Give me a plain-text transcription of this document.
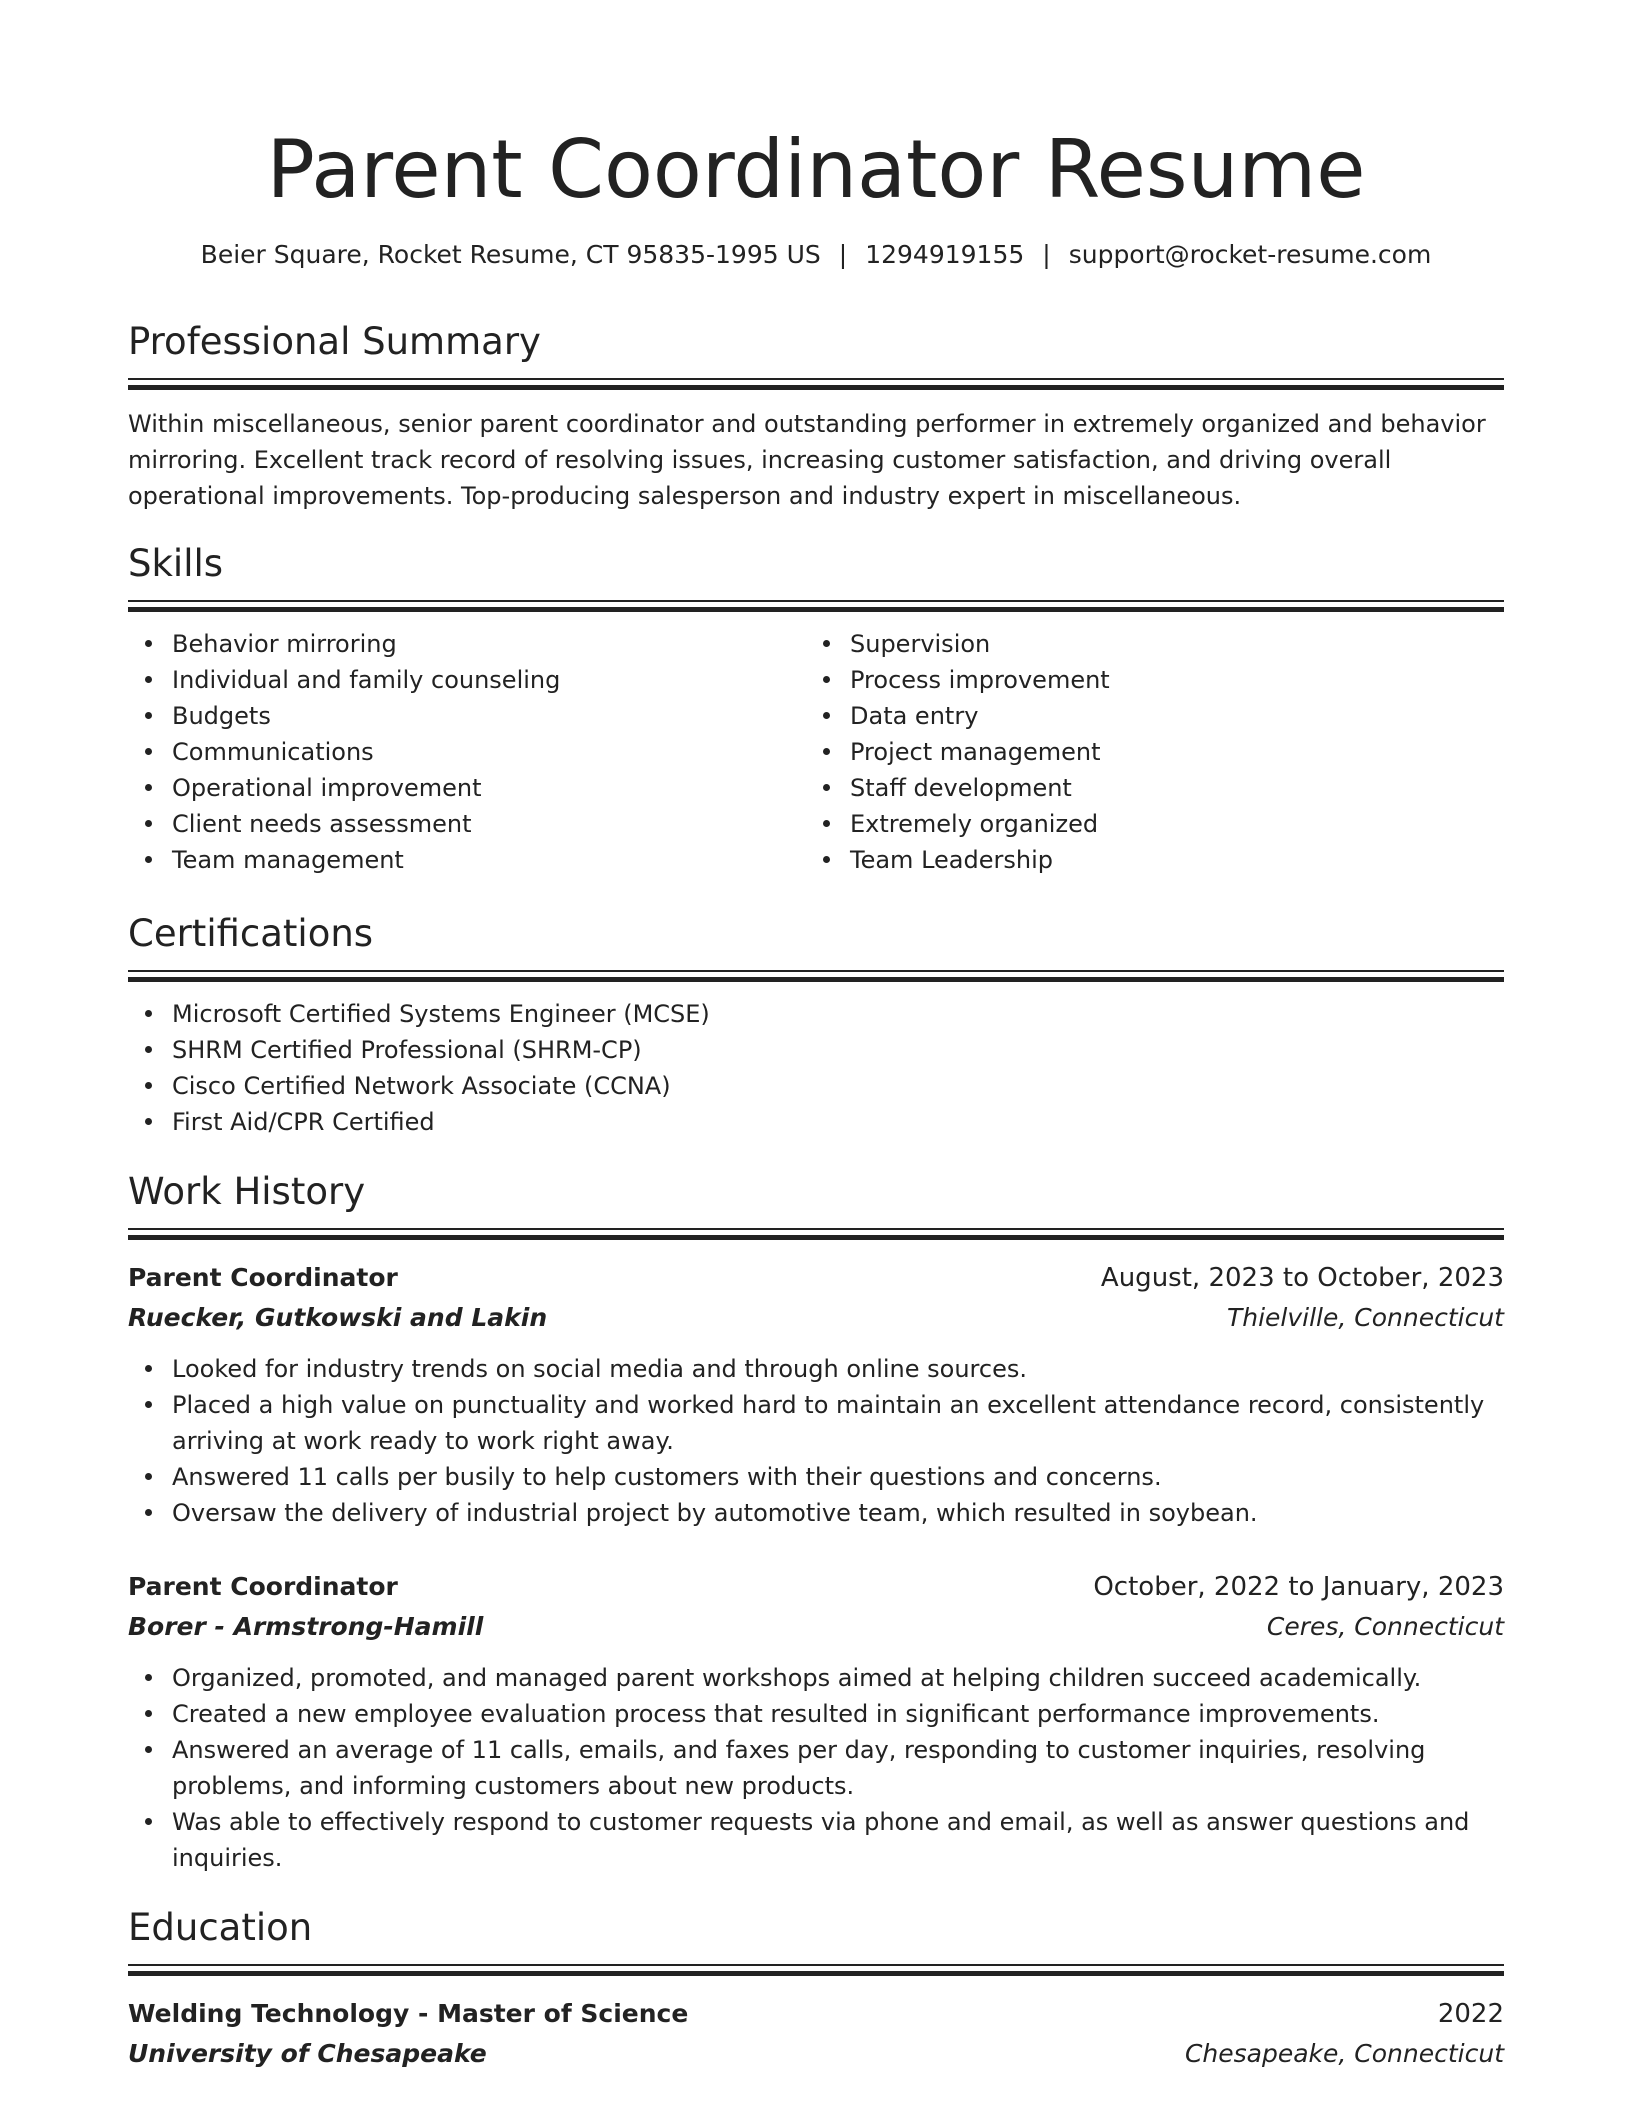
Parent Coordinator Resume
Beier Square, Rocket Resume, CT 95835-1995 US | 1294919155 | support@rocket-resume.com
Professional Summary

Within miscellaneous, senior parent coordinator and outstanding performer in extremely organized and behavior mirroring. Excellent track record of resolving issues, increasing customer satisfaction, and driving overall operational improvements. Top-producing salesperson and industry expert in miscellaneous.

Skills
Behavior mirroring
Individual and family counseling
Budgets
Communications
Operational improvement
Client needs assessment
Team management
Supervision
Process improvement
Data entry
Project management
Staff development
Extremely organized
Team Leadership
Certifications
Microsoft Certified Systems Engineer (MCSE)
SHRM Certified Professional (SHRM-CP)
Cisco Certified Network Associate (CCNA)
First Aid/CPR Certified
Work History
Parent Coordinator	August, 2023 to October, 2023
Ruecker, Gutkowski and Lakin	Thielville, Connecticut
Looked for industry trends on social media and through online sources.
Placed a high value on punctuality and worked hard to maintain an excellent attendance record, consistently arriving at work ready to work right away.
Answered 11 calls per busily to help customers with their questions and concerns.
Oversaw the delivery of industrial project by automotive team, which resulted in soybean.
Parent Coordinator	October, 2022 to January, 2023
Borer - Armstrong-Hamill	Ceres, Connecticut
Organized, promoted, and managed parent workshops aimed at helping children succeed academically.
Created a new employee evaluation process that resulted in significant performance improvements.
Answered an average of 11 calls, emails, and faxes per day, responding to customer inquiries, resolving problems, and informing customers about new products.
Was able to effectively respond to customer requests via phone and email, as well as answer questions and inquiries.
Education
Welding Technology - Master of Science	2022
University of Chesapeake	Chesapeake, Connecticut
